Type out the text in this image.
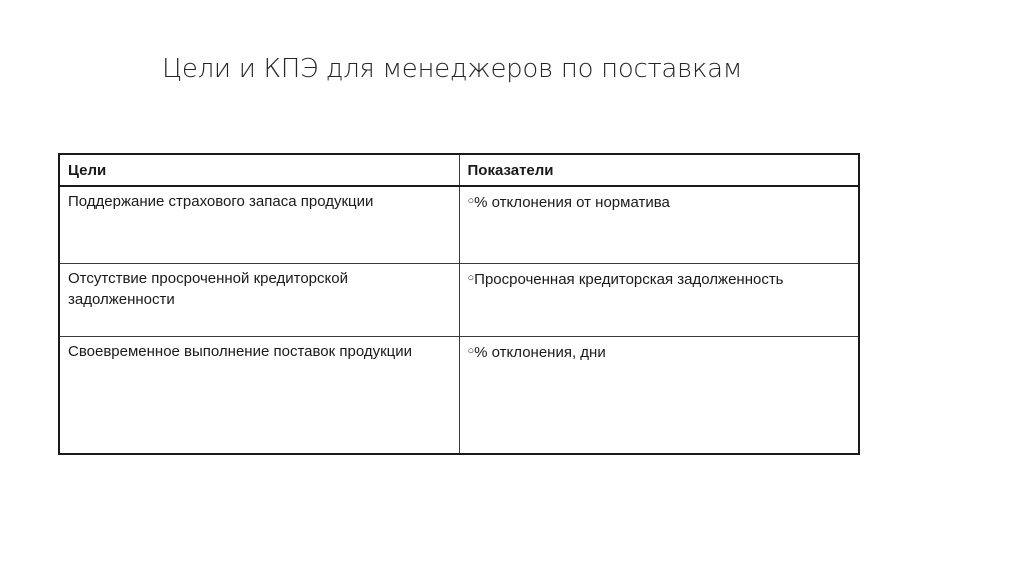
Цели и КПЭ для менеджеров по поставкам
Цели	Показатели
Поддержание страхового запаса продукции	○% отклонения от норматива
Отсутствие просроченной кредиторской задолженности	○Просроченная кредиторская задолженность
Своевременное выполнение поставок продукции	○% отклонения, дни
